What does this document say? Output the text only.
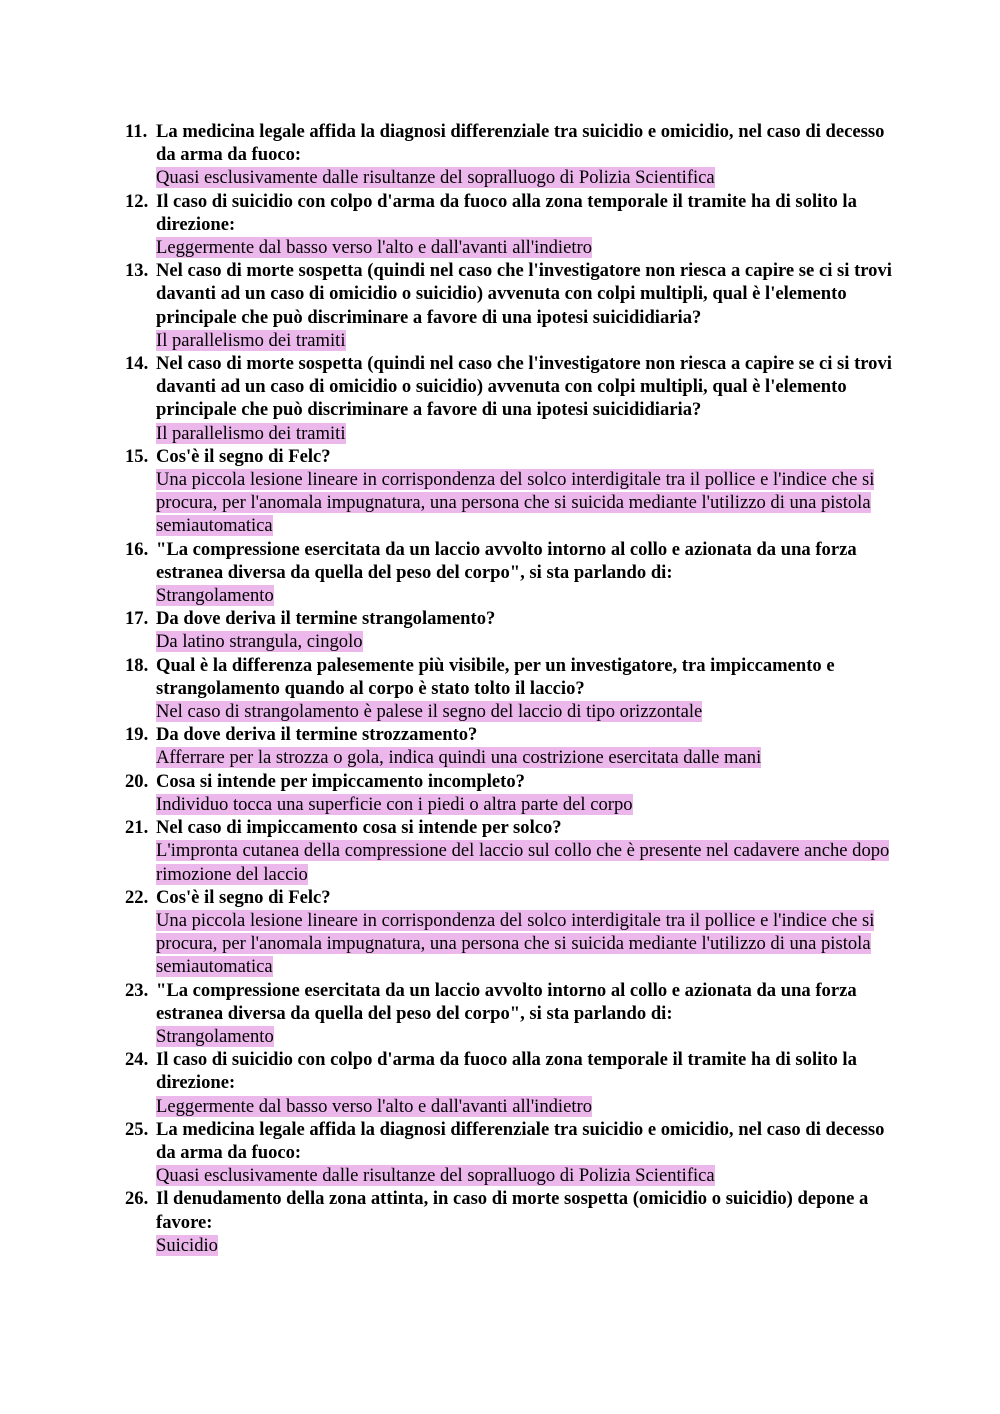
11. La medicina legale affida la diagnosi differenziale tra suicidio e omicidio, nel caso di decesso da arma da fuoco:
Quasi esclusivamente dalle risultanze del sopralluogo di Polizia Scientifica
12. Il caso di suicidio con colpo d'arma da fuoco alla zona temporale il tramite ha di solito la direzione:
Leggermente dal basso verso l'alto e dall'avanti all'indietro
13. Nel caso di morte sospetta (quindi nel caso che l'investigatore non riesca a capire se ci si trovi davanti ad un caso di omicidio o suicidio) avvenuta con colpi multipli, qual è l'elemento principale che può discriminare a favore di una ipotesi suicididiaria?
Il parallelismo dei tramiti
14. Nel caso di morte sospetta (quindi nel caso che l'investigatore non riesca a capire se ci si trovi davanti ad un caso di omicidio o suicidio) avvenuta con colpi multipli, qual è l'elemento principale che può discriminare a favore di una ipotesi suicididiaria?
Il parallelismo dei tramiti
15. Cos'è il segno di Felc?
Una piccola lesione lineare in corrispondenza del solco interdigitale tra il pollice e l'indice che si procura, per l'anomala impugnatura, una persona che si suicida mediante l'utilizzo di una pistola semiautomatica
16. "La compressione esercitata da un laccio avvolto intorno al collo e azionata da una forza estranea diversa da quella del peso del corpo", si sta parlando di:
Strangolamento
17. Da dove deriva il termine strangolamento?
Da latino strangula, cingolo
18. Qual è la differenza palesemente più visibile, per un investigatore, tra impiccamento e strangolamento quando al corpo è stato tolto il laccio?
Nel caso di strangolamento è palese il segno del laccio di tipo orizzontale
19. Da dove deriva il termine strozzamento?
Afferrare per la strozza o gola, indica quindi una costrizione esercitata dalle mani
20. Cosa si intende per impiccamento incompleto?
Individuo tocca una superficie con i piedi o altra parte del corpo
21. Nel caso di impiccamento cosa si intende per solco?
L'impronta cutanea della compressione del laccio sul collo che è presente nel cadavere anche dopo rimozione del laccio
22. Cos'è il segno di Felc?
Una piccola lesione lineare in corrispondenza del solco interdigitale tra il pollice e l'indice che si procura, per l'anomala impugnatura, una persona che si suicida mediante l'utilizzo di una pistola semiautomatica
23. "La compressione esercitata da un laccio avvolto intorno al collo e azionata da una forza estranea diversa da quella del peso del corpo", si sta parlando di:
Strangolamento
24. Il caso di suicidio con colpo d'arma da fuoco alla zona temporale il tramite ha di solito la direzione:
Leggermente dal basso verso l'alto e dall'avanti all'indietro
25. La medicina legale affida la diagnosi differenziale tra suicidio e omicidio, nel caso di decesso da arma da fuoco:
Quasi esclusivamente dalle risultanze del sopralluogo di Polizia Scientifica
26. Il denudamento della zona attinta, in caso di morte sospetta (omicidio o suicidio) depone a favore:
Suicidio
